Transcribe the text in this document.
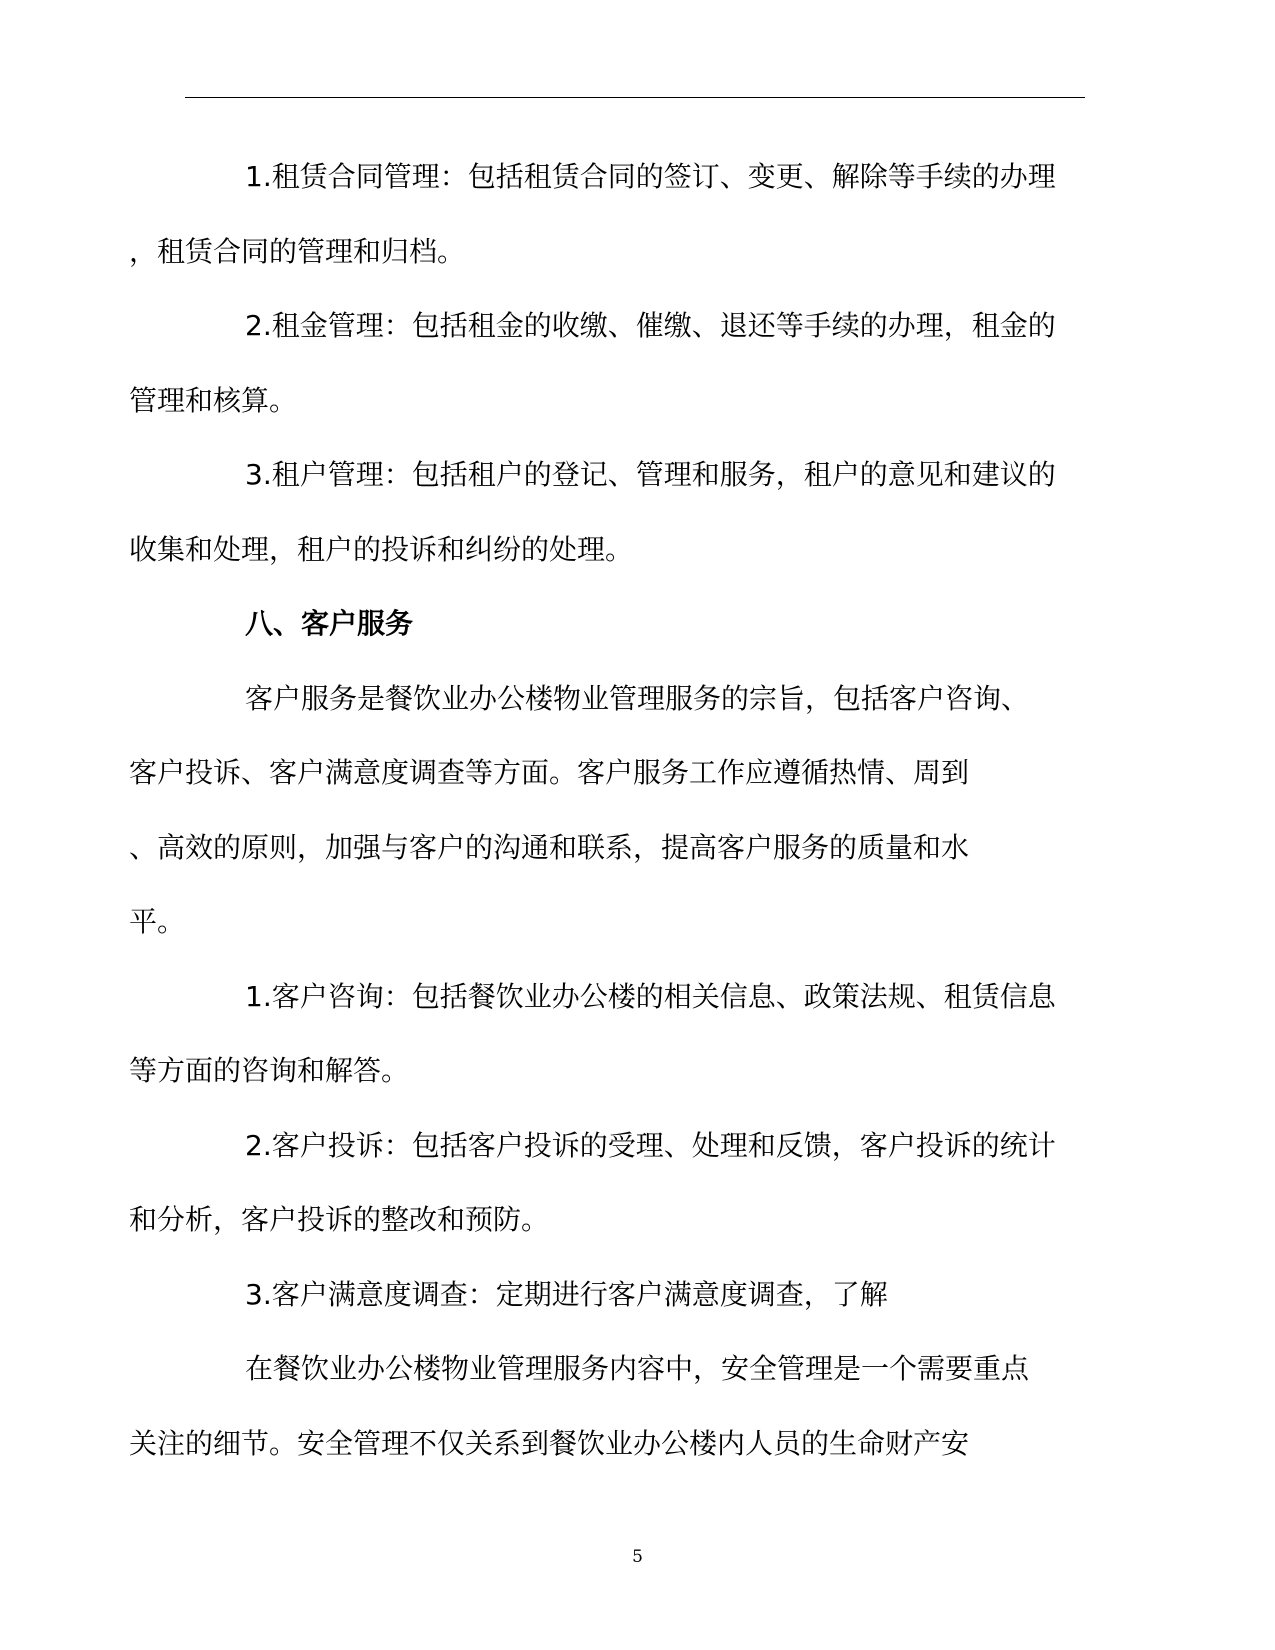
1.租赁合同管理：包括租赁合同的签订、变更、解除等手续的办理
，租赁合同的管理和归档。

2.租金管理：包括租金的收缴、催缴、退还等手续的办理，租金的
管理和核算。

3.租户管理：包括租户的登记、管理和服务，租户的意见和建议的
收集和处理，租户的投诉和纠纷的处理。

八、客户服务

客户服务是餐饮业办公楼物业管理服务的宗旨，包括客户咨询、
客户投诉、客户满意度调查等方面。客户服务工作应遵循热情、周到
、高效的原则，加强与客户的沟通和联系，提高客户服务的质量和水
平。

1.客户咨询：包括餐饮业办公楼的相关信息、政策法规、租赁信息
等方面的咨询和解答。

2.客户投诉：包括客户投诉的受理、处理和反馈，客户投诉的统计
和分析，客户投诉的整改和预防。

3.客户满意度调查：定期进行客户满意度调查，了解

在餐饮业办公楼物业管理服务内容中，安全管理是一个需要重点
关注的细节。安全管理不仅关系到餐饮业办公楼内人员的生命财产安

5
